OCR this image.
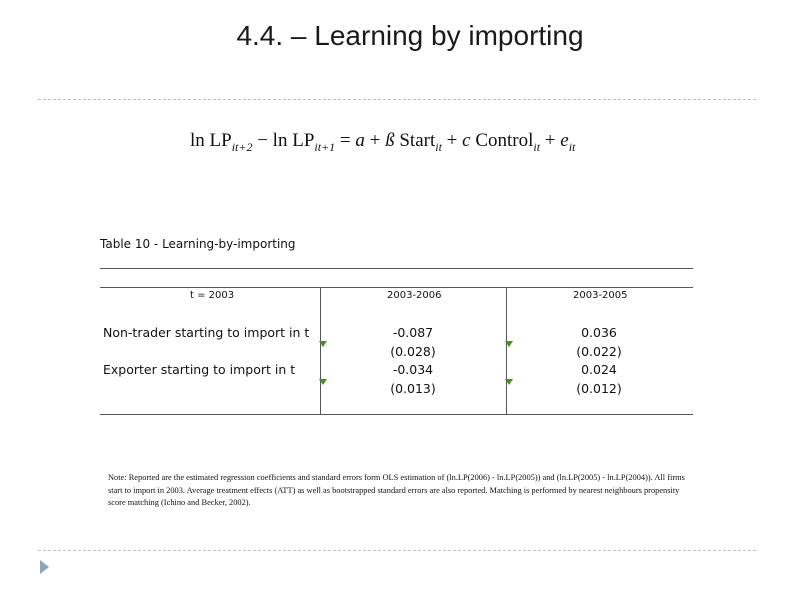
4.4. – Learning by importing
$\ln LP_{it+2} - \ln LP_{it+1} = a$ + ß Start$_{it}$ + c Control$_{it}$ + $e_{it}$
Table 10 - Learning-by-importing
t = 2003	2003-2006	2003-2005
Non-trader starting to import in t
Exporter starting to import in t
-0.087
(0.028)
-0.034
(0.013)
0.036
(0.022)
0.024
(0.012)
Note: Reported are the estimated regression coefficients and standard errors form OLS estimation of (ln.LP(2006) - ln.LP(2005)) and (ln.LP(2005) - ln.LP(2004)). All firms start to import in 2003. Average treatment effects (ATT) as well as bootstrapped standard errors are also reported. Matching is performed by nearest neighbours propensity score matching (Ichino and Becker, 2002).
